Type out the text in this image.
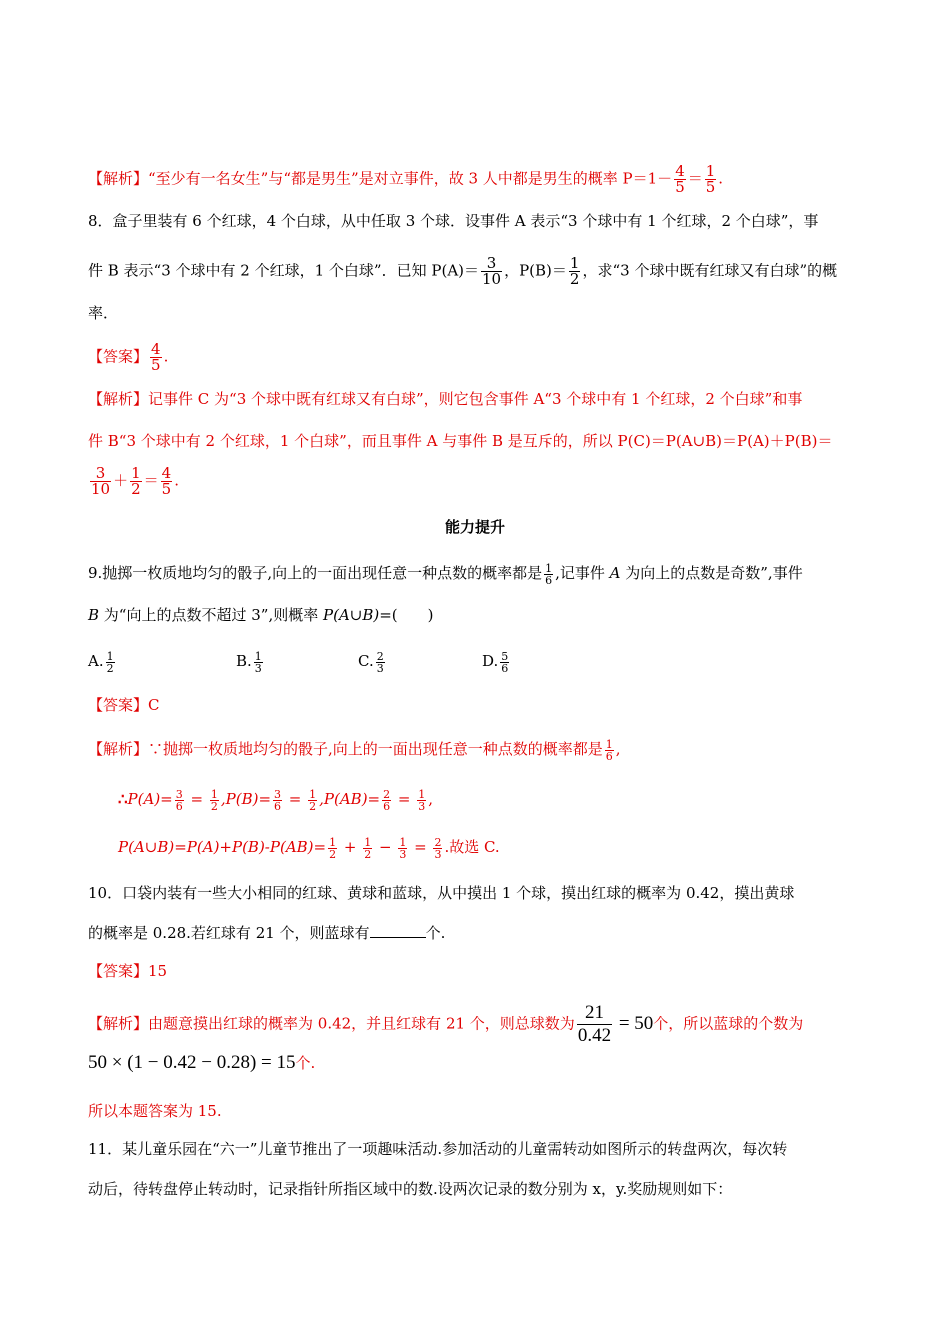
【解析】“至少有一名女生”与“都是男生”是对立事件，故 3 人中都是男生的概率 $P=1- \frac{4}{5} = \frac{1}{5}$ .
8．盒子里装有 6 个红球，4 个白球，从中任取 3 个球．设事件 A 表示“3 个球中有 1 个红球，2 个白球”，事
件 B 表示“3 个球中有 2 个红球，1 个白球”．已知 $P(A)= \frac{3}{10}$ ，$P(B)= \frac{1}{2}$ ，求“3 个球中既有红球又有白球”的概
率．
【答案】 $\frac{4}{5}$ .
【解析】记事件 C 为“3 个球中既有红球又有白球”，则它包含事件 A“3 个球中有 1 个红球，2 个白球”和事
件 B“3 个球中有 2 个红球，1 个白球”，而且事件 A 与事件 B 是互斥的，所以 P(C)＝P(A∪B)＝P(A)＋P(B)＝
$\frac{3}{10} + \frac{1}{2} = \frac{4}{5}$ .
能力提升
9.抛掷一枚质地均匀的骰子,向上的一面出现任意一种点数的概率都是 $\frac{1}{6}$ ,记事件 A 为向上的点数是奇数”,事件
B 为“向上的点数不超过 3”,则概率 P(A∪B)=(　　)
A. $\frac{1}{2}$	B. $\frac{1}{3}$	C. $\frac{2}{3}$	D. $\frac{5}{6}$
【答案】C
【解析】∵抛掷一枚质地均匀的骰子,向上的一面出现任意一种点数的概率都是 $\frac{1}{6}$ ,
∴P(A)= $\frac{3}{6} = \frac{1}{2} ,P(B)= \frac{3}{6} = \frac{1}{2} ,P(AB)= \frac{2}{6} = \frac{1}{3}$ ,
P(A∪B)=P(A)+P(B)-P(AB)= $\frac{1}{2} + \frac{1}{2} - \frac{1}{3} = \frac{2}{3}$ .故选 C.
10．口袋内装有一些大小相同的红球、黄球和蓝球，从中摸出 1 个球，摸出红球的概率为 0.42，摸出黄球
的概率是 0.28.若红球有 21 个，则蓝球有	个.
【答案】15
【解析】由题意摸出红球的概率为 0.42，并且红球有 21 个，则总球数为 $\frac{21}{0.42} = 50$个，所以蓝球的个数为
50 × (1 − 0.42 − 0.28) = 15个.
所以本题答案为 15.
11．某儿童乐园在“六一”儿童节推出了一项趣味活动.参加活动的儿童需转动如图所示的转盘两次，每次转
动后，待转盘停止转动时，记录指针所指区域中的数.设两次记录的数分别为 x，y.奖励规则如下：
